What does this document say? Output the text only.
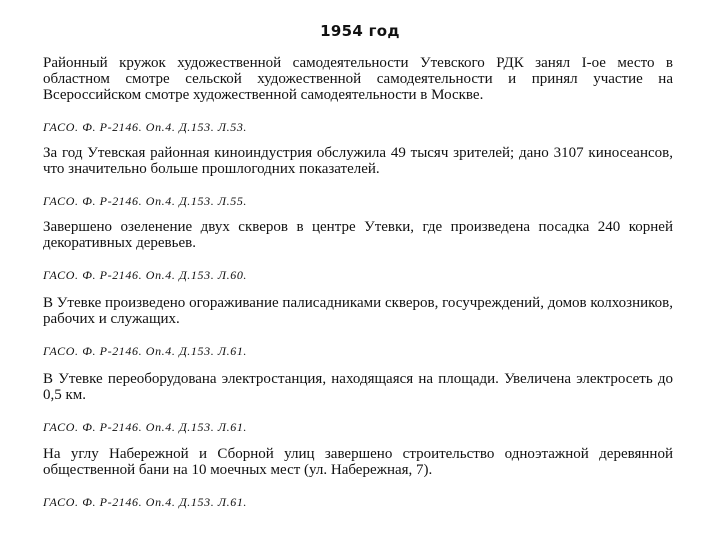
1954 год

Районный кружок художественной самодеятельности Утевского РДК занял I-ое место в областном смотре сельской художественной самодеятельности и принял участие на Всероссийском смотре художественной самодеятельности в Москве.

ГАСО. Ф. Р-2146. Оп.4. Д.153. Л.53.

За год Утевская районная киноиндустрия обслужила 49 тысяч зрителей; дано 3107 киносеансов, что значительно больше прошлогодних показателей.

ГАСО. Ф. Р-2146. Оп.4. Д.153. Л.55.

Завершено озеленение двух скверов в центре Утевки, где произведена посадка 240 корней декоративных деревьев.

ГАСО. Ф. Р-2146. Оп.4. Д.153. Л.60.

В Утевке произведено огораживание палисадниками скверов, госучреждений, домов колхозников, рабочих и служащих.

ГАСО. Ф. Р-2146. Оп.4. Д.153. Л.61.

В Утевке переоборудована электростанция, находящаяся на площади. Увеличена электросеть до 0,5 км.

ГАСО. Ф. Р-2146. Оп.4. Д.153. Л.61.

На углу Набережной и Сборной улиц завершено строительство одноэтажной деревянной общественной бани на 10 моечных мест (ул. Набережная, 7).

ГАСО. Ф. Р-2146. Оп.4. Д.153. Л.61.
